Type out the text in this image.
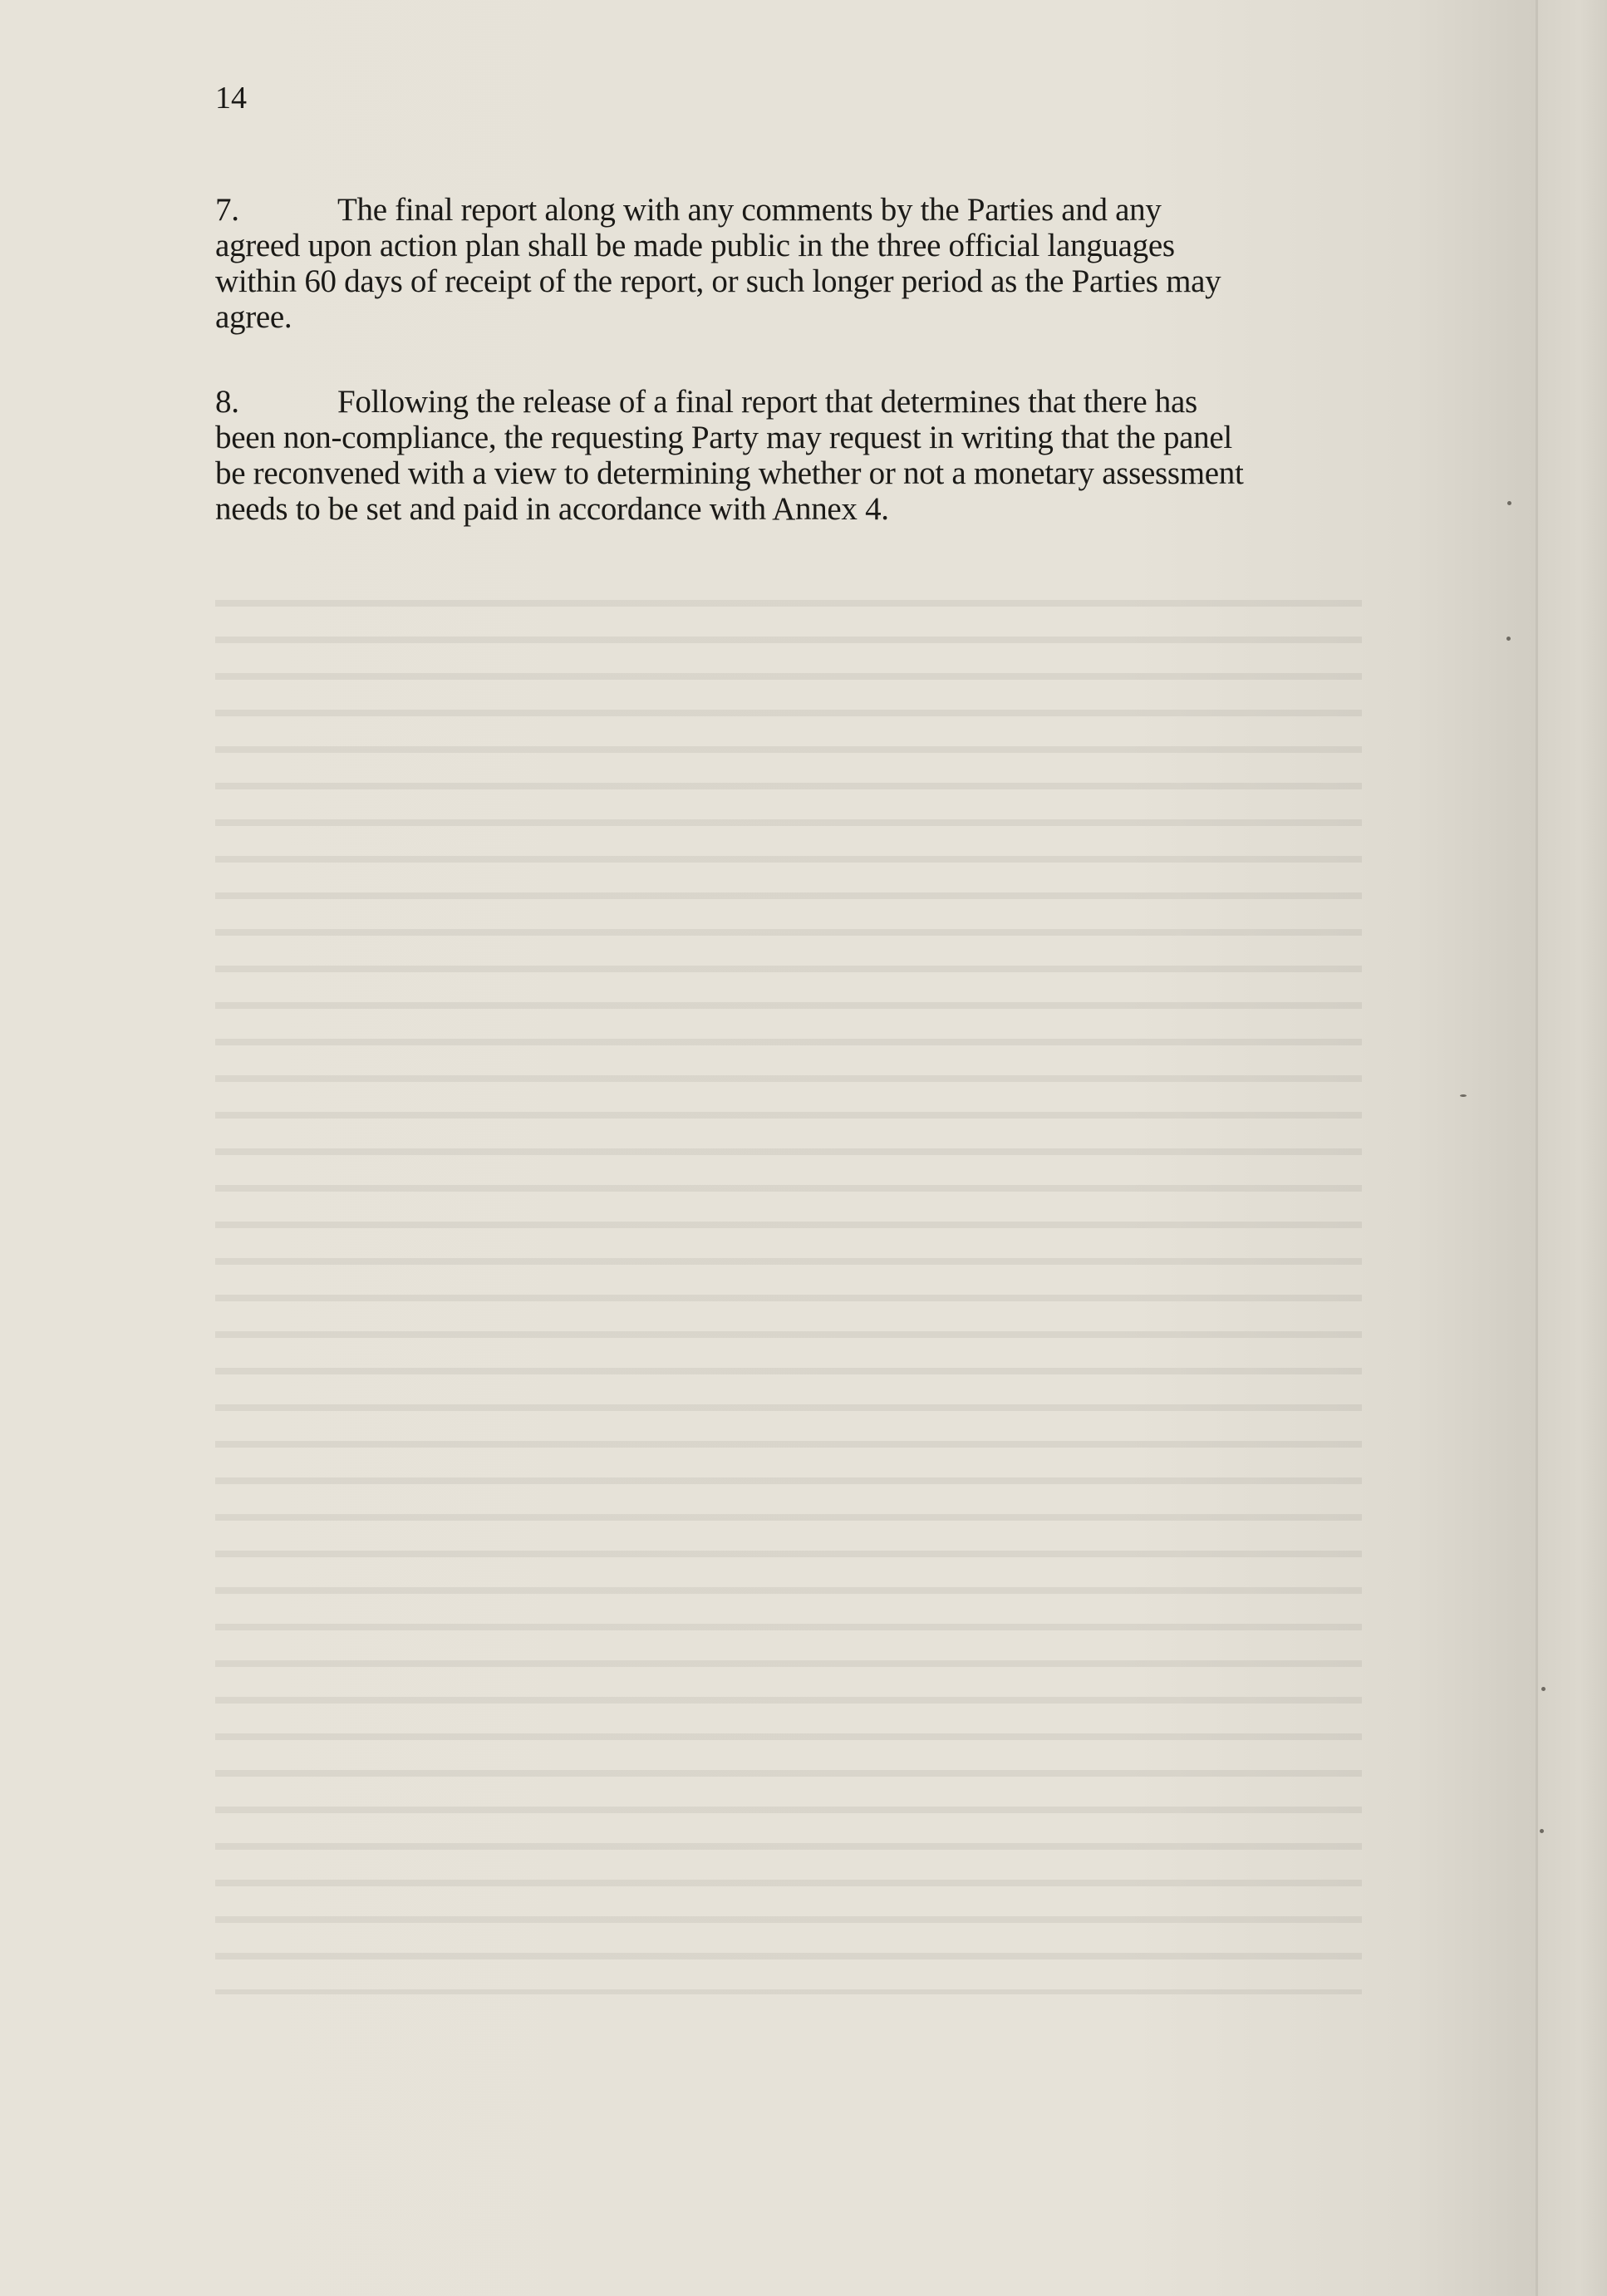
14
7.	The final report along with any comments by the Parties and any
agreed upon action plan shall be made public in the three official languages
within 60 days of receipt of the report, or such longer period as the Parties may
agree.
8.	Following the release of a final report that determines that there has
been non-compliance, the requesting Party may request in writing that the panel
be reconvened with a view to determining whether or not a monetary assessment
needs to be set and paid in accordance with Annex 4.
